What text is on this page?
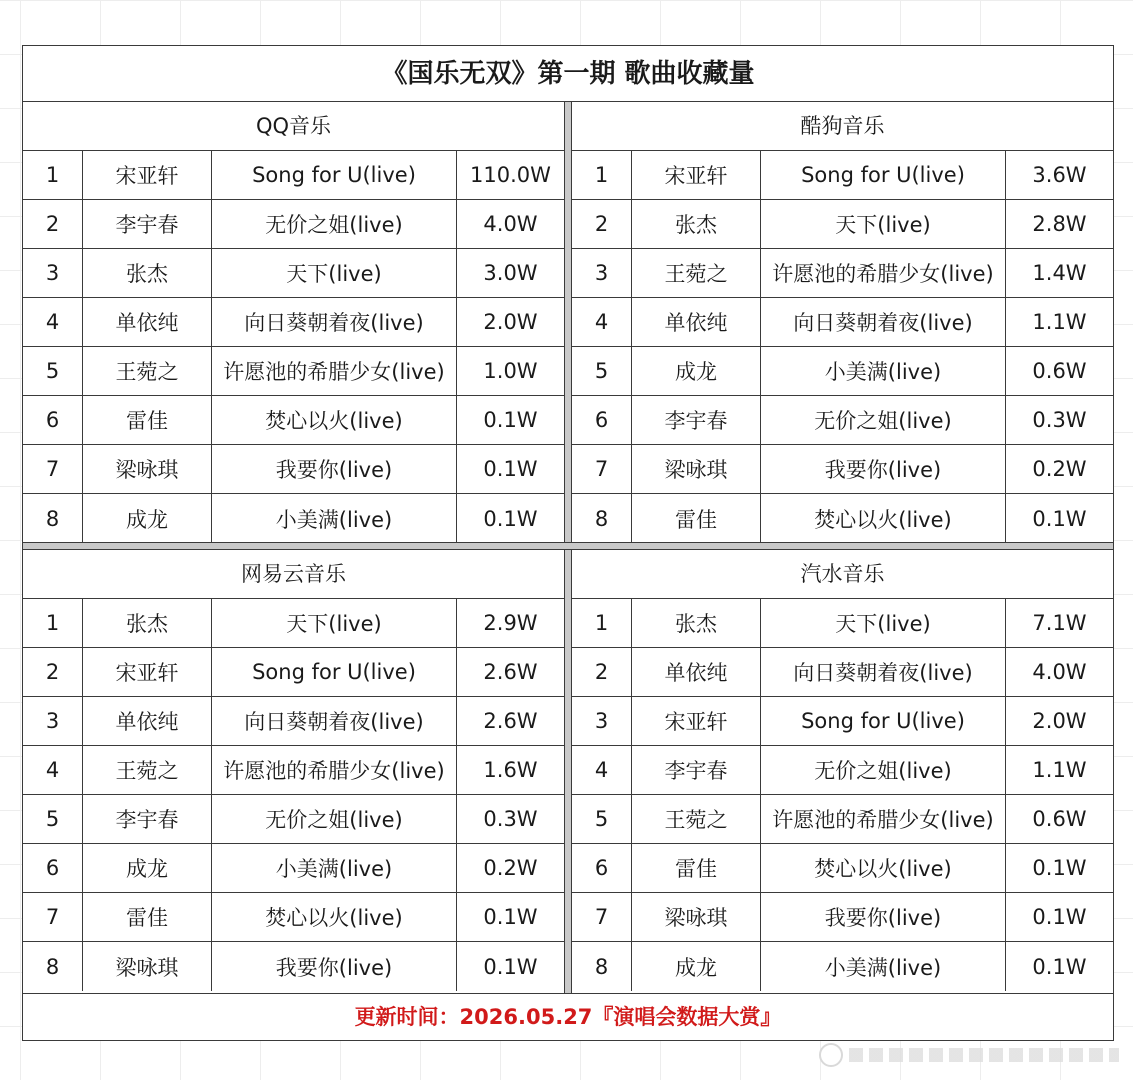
《国乐无双》第一期 歌曲收藏量
QQ音乐
1	宋亚轩	Song for U(live)	110.0W
2	李宇春	无价之姐(live)	4.0W
3	张杰	天下(live)	3.0W
4	单依纯	向日葵朝着夜(live)	2.0W
5	王菀之	许愿池的希腊少女(live)	1.0W
6	雷佳	焚心以火(live)	0.1W
7	梁咏琪	我要你(live)	0.1W
8	成龙	小美满(live)	0.1W
酷狗音乐
1	宋亚轩	Song for U(live)	3.6W
2	张杰	天下(live)	2.8W
3	王菀之	许愿池的希腊少女(live)	1.4W
4	单依纯	向日葵朝着夜(live)	1.1W
5	成龙	小美满(live)	0.6W
6	李宇春	无价之姐(live)	0.3W
7	梁咏琪	我要你(live)	0.2W
8	雷佳	焚心以火(live)	0.1W
网易云音乐
1	张杰	天下(live)	2.9W
2	宋亚轩	Song for U(live)	2.6W
3	单依纯	向日葵朝着夜(live)	2.6W
4	王菀之	许愿池的希腊少女(live)	1.6W
5	李宇春	无价之姐(live)	0.3W
6	成龙	小美满(live)	0.2W
7	雷佳	焚心以火(live)	0.1W
8	梁咏琪	我要你(live)	0.1W
汽水音乐
1	张杰	天下(live)	7.1W
2	单依纯	向日葵朝着夜(live)	4.0W
3	宋亚轩	Song for U(live)	2.0W
4	李宇春	无价之姐(live)	1.1W
5	王菀之	许愿池的希腊少女(live)	0.6W
6	雷佳	焚心以火(live)	0.1W
7	梁咏琪	我要你(live)	0.1W
8	成龙	小美满(live)	0.1W
更新时间：2026.05.27『演唱会数据大赏』
